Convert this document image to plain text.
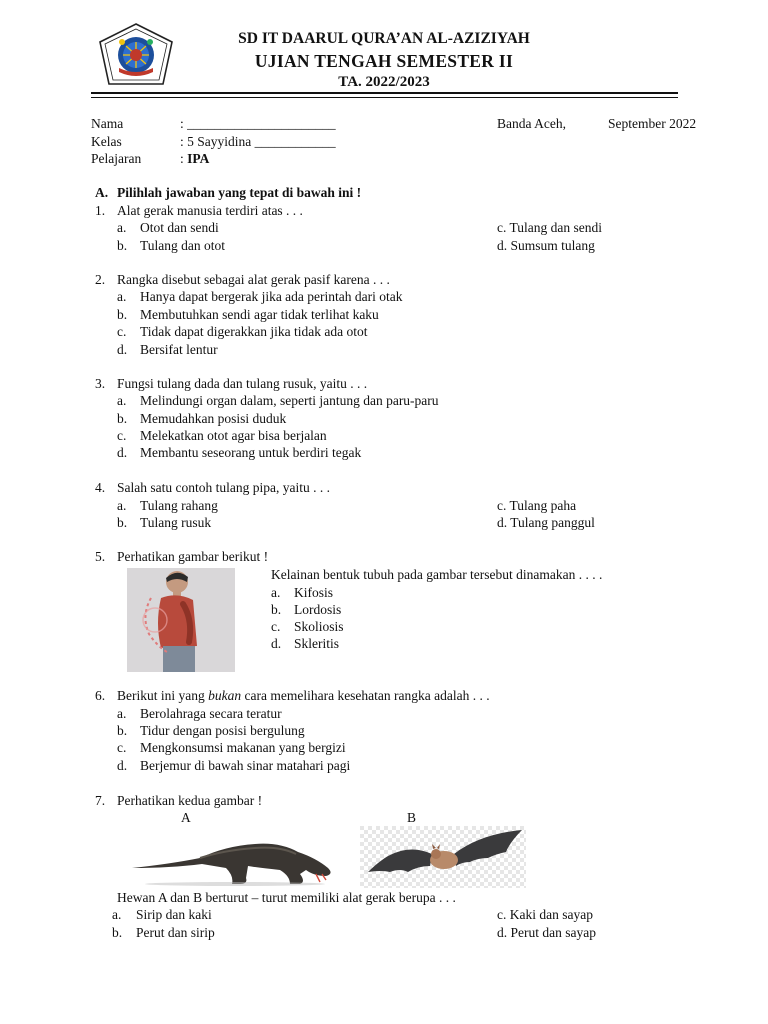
SD IT DAARUL QURA’AN AL-AZIZIYAH
UJIAN TENGAH SEMESTER II
TA. 2022/2023
Nama	: ______________________
Kelas	: 5 Sayyidina ____________
Pelajaran	: IPA
Banda Aceh,	September 2022
A. Pilihlah jawaban yang tepat di bawah ini !
1. Alat gerak manusia terdiri atas . . .
a. Otot dan sendi
b. Tulang dan otot
c. Tulang dan sendi
d. Sumsum tulang
2. Rangka disebut sebagai alat gerak pasif karena . . .
a. Hanya dapat bergerak jika ada perintah dari otak
b. Membutuhkan sendi agar tidak terlihat kaku
c. Tidak dapat digerakkan jika tidak ada otot
d. Bersifat lentur
3. Fungsi tulang dada dan tulang rusuk, yaitu . . .
a. Melindungi organ dalam, seperti jantung dan paru-paru
b. Memudahkan posisi duduk
c. Melekatkan otot agar bisa berjalan
d. Membantu seseorang untuk berdiri tegak
4. Salah satu contoh tulang pipa, yaitu . . .
a. Tulang rahang
b. Tulang rusuk
c. Tulang paha
d. Tulang panggul
5. Perhatikan gambar berikut !
Kelainan bentuk tubuh pada gambar tersebut dinamakan . . . .
a. Kifosis
b. Lordosis
c. Skoliosis
d. Skleritis
6. Berikut ini yang bukan cara memelihara kesehatan rangka adalah . . .
a. Berolahraga secara teratur
b. Tidur dengan posisi bergulung
c. Mengkonsumsi makanan yang bergizi
d. Berjemur di bawah sinar matahari pagi
7. Perhatikan kedua gambar !
A	B
Hewan A dan B berturut – turut memiliki alat gerak berupa . . .
a. Sirip dan kaki
b. Perut dan sirip
c. Kaki dan sayap
d. Perut dan sayap
